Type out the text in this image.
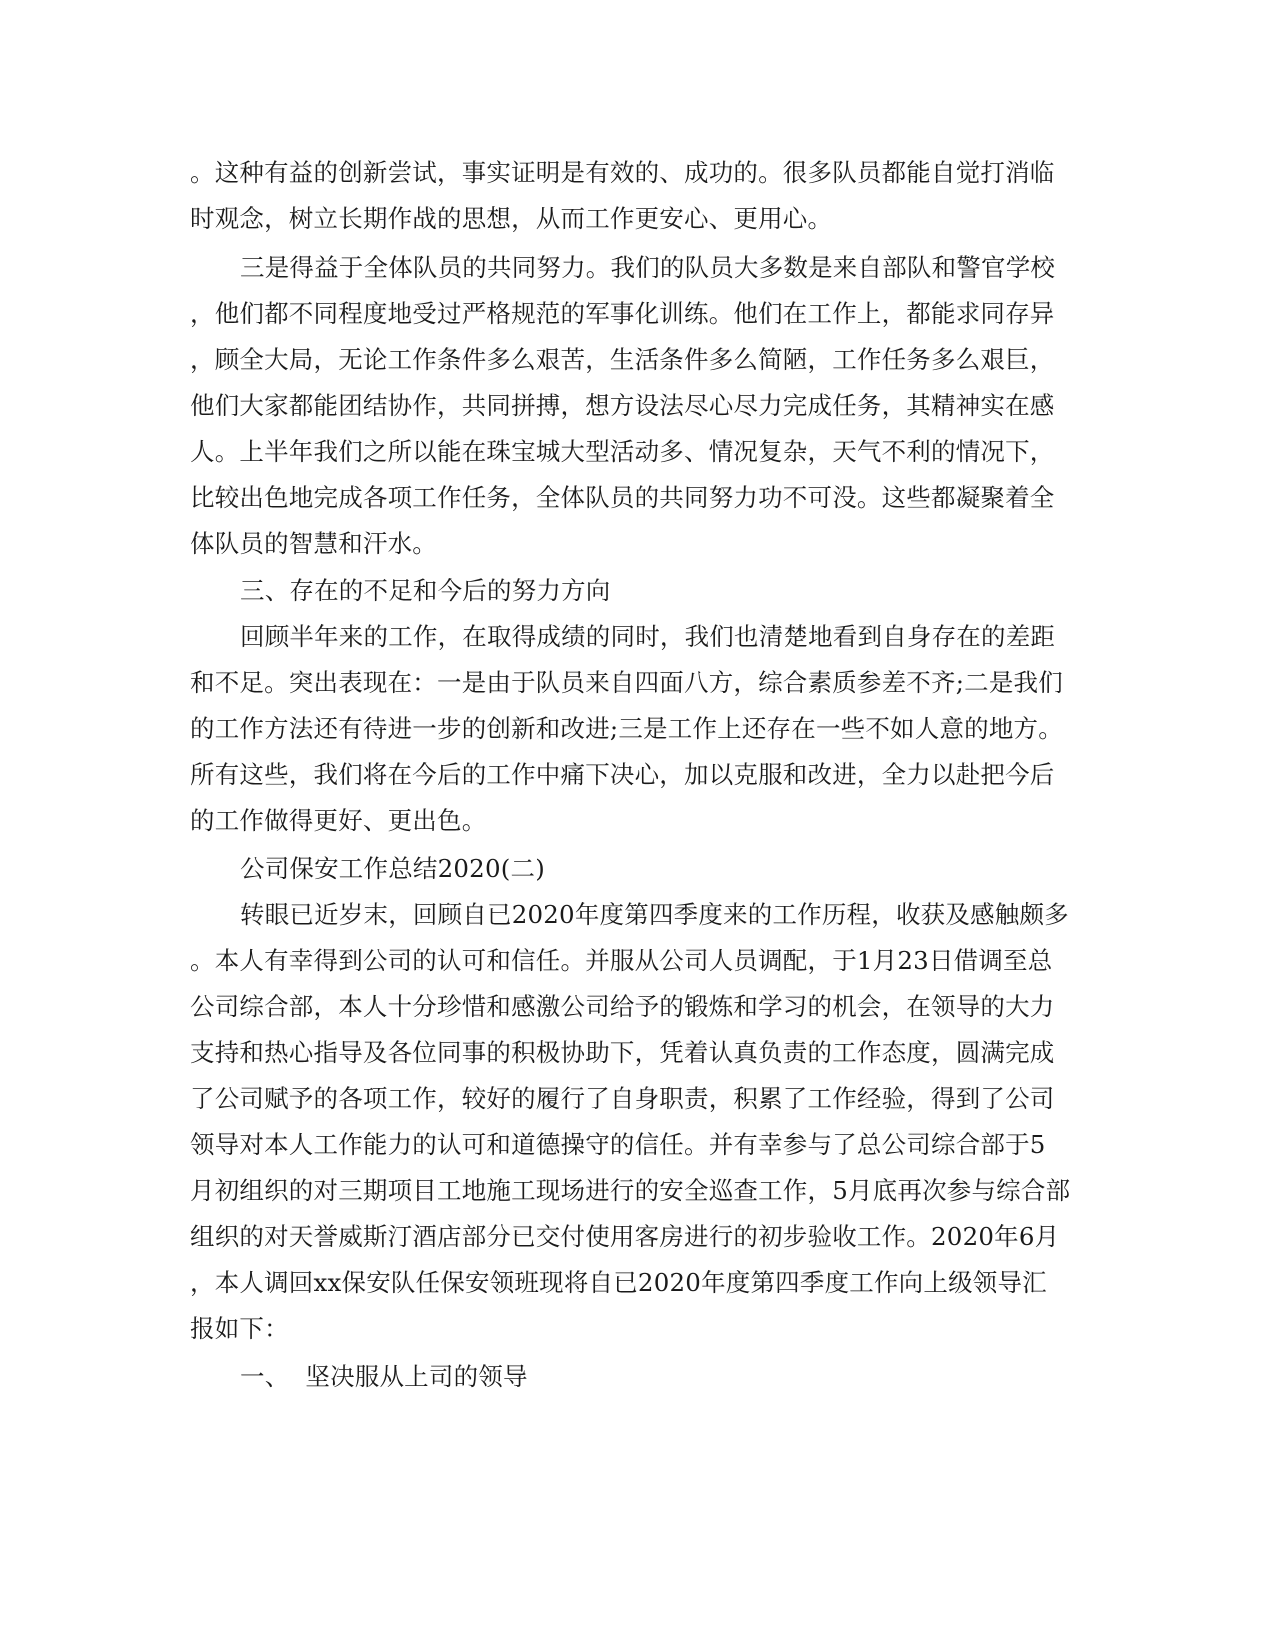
。这种有益的创新尝试，事实证明是有效的、成功的。很多队员都能自觉打消临
时观念，树立长期作战的思想，从而工作更安心、更用心。
三是得益于全体队员的共同努力。我们的队员大多数是来自部队和警官学校
，他们都不同程度地受过严格规范的军事化训练。他们在工作上，都能求同存异
，顾全大局，无论工作条件多么艰苦，生活条件多么简陋，工作任务多么艰巨，
他们大家都能团结协作，共同拼搏，想方设法尽心尽力完成任务，其精神实在感
人。上半年我们之所以能在珠宝城大型活动多、情况复杂，天气不利的情况下，
比较出色地完成各项工作任务，全体队员的共同努力功不可没。这些都凝聚着全
体队员的智慧和汗水。
三、存在的不足和今后的努力方向
回顾半年来的工作，在取得成绩的同时，我们也清楚地看到自身存在的差距
和不足。突出表现在：一是由于队员来自四面八方，综合素质参差不齐;二是我们
的工作方法还有待进一步的创新和改进;三是工作上还存在一些不如人意的地方。
所有这些，我们将在今后的工作中痛下决心，加以克服和改进，全力以赴把今后
的工作做得更好、更出色。
公司保安工作总结2020(二)
转眼已近岁末，回顾自已2020年度第四季度来的工作历程，收获及感触颇多
。本人有幸得到公司的认可和信任。并服从公司人员调配，于1月23日借调至总
公司综合部，本人十分珍惜和感激公司给予的锻炼和学习的机会，在领导的大力
支持和热心指导及各位同事的积极协助下，凭着认真负责的工作态度，圆满完成
了公司赋予的各项工作，较好的履行了自身职责，积累了工作经验，得到了公司
领导对本人工作能力的认可和道德操守的信任。并有幸参与了总公司综合部于5
月初组织的对三期项目工地施工现场进行的安全巡查工作，5月底再次参与综合部
组织的对天誉威斯汀酒店部分已交付使用客房进行的初步验收工作。2020年6月
，本人调回xx保安队任保安领班现将自已2020年度第四季度工作向上级领导汇
报如下：
一、  坚决服从上司的领导
